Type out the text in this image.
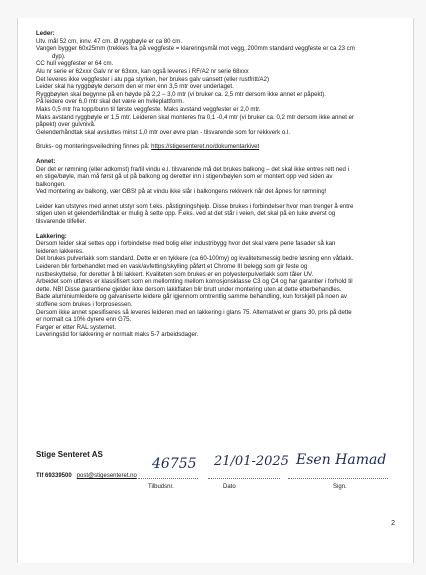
Leder:

Utv. mål 52 cm, innv. 47 cm. Ø ryggbøyle er ca 80 cm.

Vangen bygger 60x25mm (trekkes fra på veggfeste = klareringsmål mot vegg, 200mm standard veggfeste er ca 23 cm

dyp).

CC hull veggfester er 64 cm.

Alu nr serie er 62xxx Galv nr er 63xxx, kan også leveres i RF/A2 nr serie 68xxx

Det leveres ikke veggfester i alu pga styrken, her brukes galv uansett (eller rustfritt/A2)

Leider skal ha ryggbøyle dersom den er mer enn 3,5 mtr over underlaget.

Ryggbøylen skal begynne på en høyde på 2,2 – 3,0 mtr (vi bruker ca. 2,5 mtr dersom ikke annet er påpekt).

På leidere over 6,0 mtr skal det være en hvileplattform.

Maks 0,5 mtr fra topp/bunn til første veggfeste. Maks avstand veggfester er 2,0 mtr.

Maks avstand ryggbøyle er 1,5 mtr. Leideren skal monteres fra 0,1 -0,4 mtr (vi bruker ca. 0,2 mtr dersom ikke annet er

påpekt) over gulvnivå.

Gelenderhåndtak skal avsluttes minst 1,0 mtr over øvre plan - tilsvarende som for rekkverk o.l.

Bruks- og monteringsveiledning finnes på: https://stigesenteret.no/dokumentarkivet

Annet:

Der det er rømning (eller adkomst) fra/til vindu e.l. tilsvarende må det brukes balkong – det skal ikke entres rett ned i

en stige/bøyle, man må først gå ut på balkong og deretter inn i stigen/bøylen som er montert opp ved siden av

balkongen.

Ved montering av balkong, vær OBS! på at vindu ikke slår i balkongens rekkverk når det åpnes for rømning!

Leider kan utstyres med annet utstyr som f.eks. påstigningshjelp. Disse brukes i forbindelser hvor man trenger å entre

stigen uten et gelenderhåndtak er mulig å sette opp. F.eks. ved at det står i veien, det skal på en luke øverst og

tilsvarende tilfeller.

Lakkering:

Dersom leider skal settes opp i forbindelse med bolig eller industribygg hvor det skal være pene fasader så kan

leideren lakkeres.

Det brukes pulverlakk som standard. Dette er en tykkere (ca 60-100my) og kvalitetsmessig bedre løsning enn våtlakk.

Leideren blir forbehandlet med en vask/avfetting/skylling påført et Chrome III belegg som gir feste og

rustbeskyttelse, for deretter å bli lakkert. Kvaliteten som brukes er en polyesterpulverlakk som tåler UV.

Arbeidet som utføres er klassifisert som en mellomting mellom korrosjonsklasse C3 og C4 og har garantier i forhold til

dette. NB! Disse garantiene gjelder ikke dersom lakkflaten blir brutt under montering uten at dette etterbehandles.

Bade aluminiumleidere og galvaniserte leidere går igjennom omtrentlig samme behandling, kun forskjell på noen av

stoffene som brukes i forprosessen.

Dersom ikke annet spesifiseres så leveres leideren med en lakkering i glans 75. Alternativet er glans 30, pris på dette

er normalt ca 10% dyrere enn G75.

Farger er etter RAL systemet.

Leveringstid for lakkering er normalt maks 5-7 arbeidsdager.

Stige Senteret AS
Tlf 69339500 post@stigesenteret.no
46755 21/01-2025 Esen Hamad
Tilbudsnr.	Dato	Sign.
2
